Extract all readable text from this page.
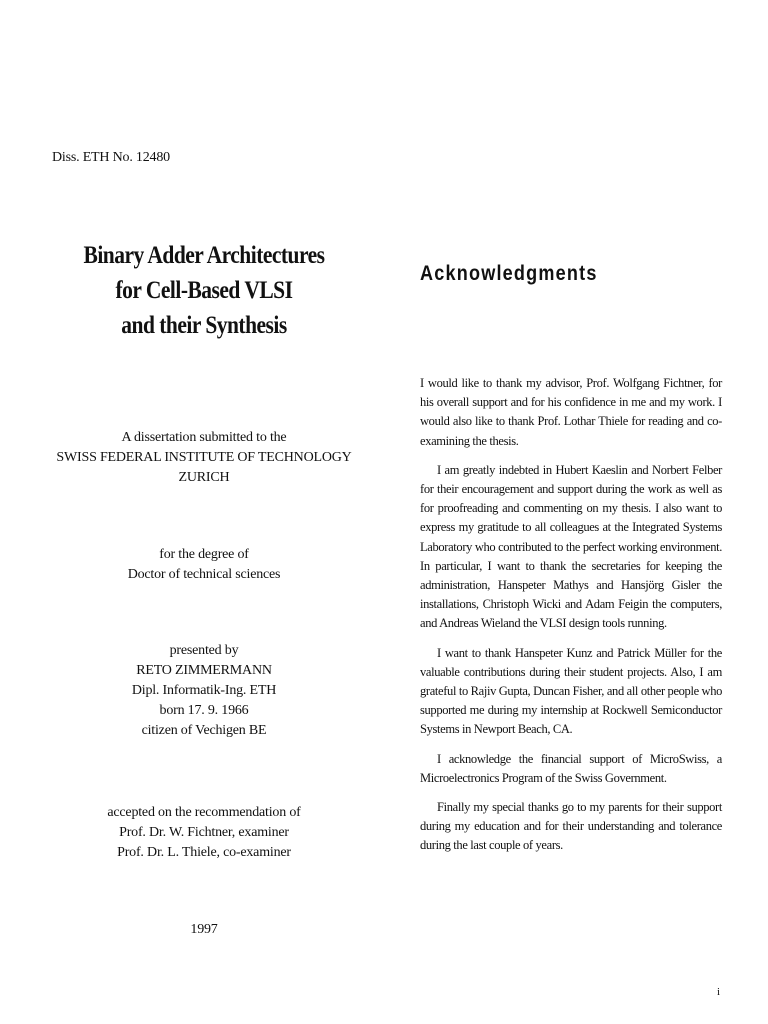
Diss. ETH No. 12480
Binary Adder Architectures
for Cell-Based VLSI
and their Synthesis
A dissertation submitted to the
SWISS FEDERAL INSTITUTE OF TECHNOLOGY
ZURICH
for the degree of
Doctor of technical sciences
presented by
RETO ZIMMERMANN
Dipl. Informatik-Ing. ETH
born 17. 9. 1966
citizen of Vechigen BE
accepted on the recommendation of
Prof. Dr. W. Fichtner, examiner
Prof. Dr. L. Thiele, co-examiner
1997
Acknowledgments

I would like to thank my advisor, Prof. Wolfgang Fichtner, for his overall support and for his confidence in me and my work. I would also like to thank Prof. Lothar Thiele for reading and co-examining the thesis.

I am greatly indebted in Hubert Kaeslin and Norbert Felber for their encouragement and support during the work as well as for proofreading and commenting on my thesis. I also want to express my gratitude to all colleagues at the Integrated Systems Laboratory who contributed to the perfect working environment. In particular, I want to thank the secretaries for keeping the administration, Hanspeter Mathys and Hansjörg Gisler the installations, Christoph Wicki and Adam Feigin the computers, and Andreas Wieland the VLSI design tools running.

I want to thank Hanspeter Kunz and Patrick Müller for the valuable contributions during their student projects. Also, I am grateful to Rajiv Gupta, Duncan Fisher, and all other people who supported me during my internship at Rockwell Semiconductor Systems in Newport Beach, CA.

I acknowledge the financial support of MicroSwiss, a Microelectronics Program of the Swiss Government.

Finally my special thanks go to my parents for their support during my education and for their understanding and tolerance during the last couple of years.

i
